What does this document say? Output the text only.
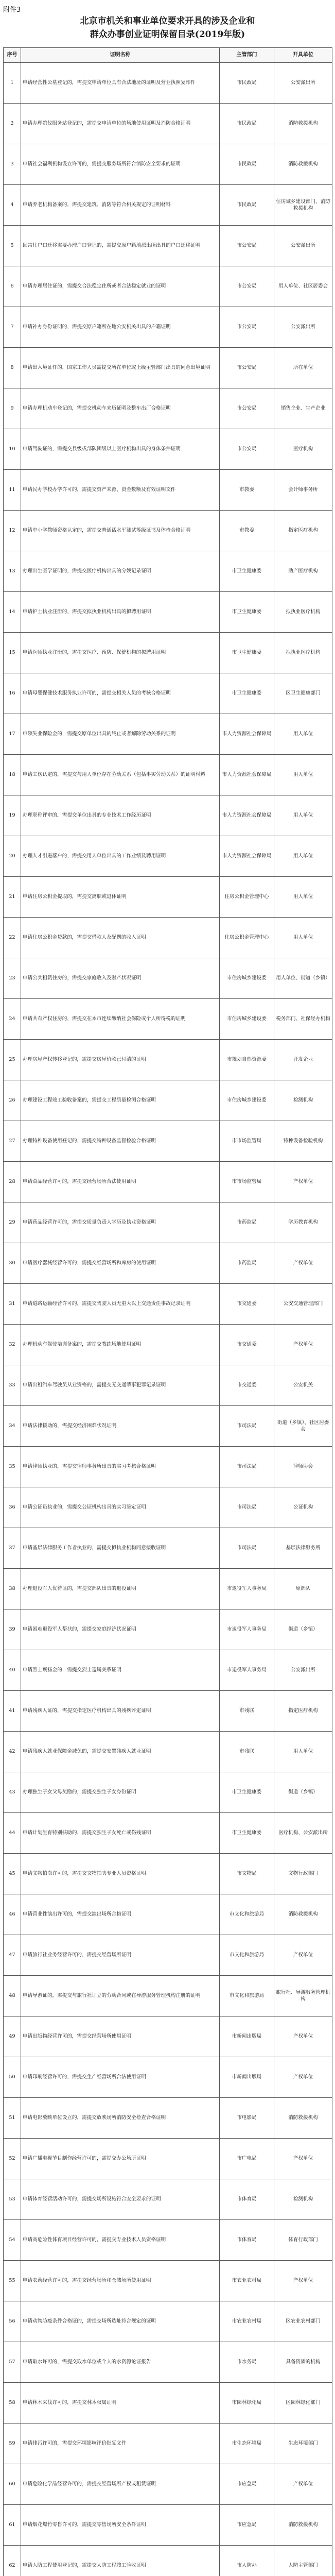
附件3
北京市机关和事业单位要求开具的涉及企业和
群众办事创业证明保留目录(2019年版)
序号	证明名称	主管部门	开具单位
1	申请经营性公墓登记的，需提交申请单位具有合法地址的证明及营业执照复印件	市民政局	公安派出所
2	申请办理殡仪服务站登记的，需提交申请单位的场地使用证明及消防合格证明	市民政局	消防救援机构
3	申请社会福利机构设立许可的，需提交服务场所符合消防安全要求的证明	市民政局	消防救援机构
4	申请养老机构备案的，需提交建筑、消防等符合相关规定的证明材料	市民政局	住房城乡建设部门、消防救援机构
5	因常住户口迁移需要办理户口登记的，需提交原户籍地派出所出具的户口迁移证明	市公安局	公安派出所
6	申请办理居住证的，需提交合法稳定住所或者合法稳定就业的证明	市公安局	用人单位、社区居委会
7	申请补办身份证明的，需提交原户籍所在地公安机关出具的户籍证明	市公安局	公安派出所
8	申请出入境证件的，国家工作人员需提交所在单位或上级主管部门出具的同意出境证明	市公安局	所在单位
9	申请办理机动车登记的，需提交机动车来历证明及整车出厂合格证明	市公安局	销售企业、生产企业
10	申请驾驶证的，需提交县级或部队团级以上医疗机构出具的身体条件证明	市公安局	医疗机构
11	申请民办学校办学许可的，需提交资产来源、资金数额及有效证明文件	市教委	会计师事务所
12	申请中小学教师资格认定的，需提交普通话水平测试等级证书及体检合格证明	市教委	指定医疗机构
13	办理出生医学证明的，需提交医疗机构出具的分娩记录证明	市卫生健康委	助产医疗机构
14	申请护士执业注册的，需提交拟执业机构出具的拟聘用证明	市卫生健康委	拟执业医疗机构
15	申请医师执业注册的，需提交医疗、预防、保健机构的拟聘用证明	市卫生健康委	拟执业医疗机构
16	申请母婴保健技术服务执业许可的，需提交相关人员的考核合格证明	市卫生健康委	区卫生健康部门
17	申领失业保险金的，需提交原单位出具的终止或者解除劳动关系的证明	市人力资源社会保障局	用人单位
18	申请工伤认定的，需提交与用人单位存在劳动关系（包括事实劳动关系）的证明材料	市人力资源社会保障局	用人单位
19	办理职称评审的，需提交单位出具的专业技术工作经历证明	市人力资源社会保障局	用人单位
20	办理人才引进落户的，需提交用人单位出具的工作业绩及聘用证明	市人力资源社会保障局	用人单位
21	申请住房公积金提取的，需提交离职或退休证明	住房公积金管理中心	用人单位
22	申请住房公积金贷款的，需提交借款人及配偶的收入证明	住房公积金管理中心	用人单位
23	申请公共租赁住房的，需提交家庭收入及财产状况证明	市住房城乡建设委	用人单位、街道（乡镇）
24	申请共有产权住房的，需提交在本市连续缴纳社会保险或个人所得税的证明	市住房城乡建设委	税务部门、社保经办机构
25	办理房屋产权转移登记的，需提交房屋价款已付清的证明	市规划自然资源委	开发企业
26	办理建设工程竣工验收备案的，需提交工程质量检测合格证明	市住房城乡建设委	检测机构
27	办理特种设备使用登记的，需提交特种设备监督检验合格证明	市市场监管局	特种设备检验机构
28	申请食品经营许可的，需提交经营场所合法使用证明	市市场监管局	产权单位
29	申请药品经营许可的，需提交质量负责人学历及执业资格证明	市药监局	学历教育机构
30	申请医疗器械经营许可的，需提交经营场所和库房的使用证明	市药监局	产权单位
31	申请道路运输经营许可的，需提交驾驶人员无重大以上交通责任事故记录证明	市交通委	公安交通管理部门
32	办理机动车驾驶培训备案的，需提交教练场地使用证明	市交通委	产权单位
33	申请出租汽车驾驶员从业资格的，需提交无交通肇事犯罪记录证明	市交通委	公安机关
34	申请法律援助的，需提交经济困难状况证明	市司法局	街道（乡镇）、社区居委会
35	申请律师执业的，需提交律师事务所出具的实习考核合格证明	市司法局	律师协会
36	申请公证员执业的，需提交公证机构出具的实习鉴定证明	市司法局	公证机构
37	申请基层法律服务工作者执业的，需提交拟执业机构同意接收证明	市司法局	基层法律服务所
38	办理退役军人优待证的，需提交部队出具的退役证明	市退役军人事务局	原部队
39	申请困难退役军人帮扶的，需提交家庭经济状况证明	市退役军人事务局	街道（乡镇）
40	申请烈士褒扬金的，需提交烈士遗属关系证明	市退役军人事务局	公安派出所
41	申请残疾人证的，需提交指定医疗机构出具的残疾评定证明	市残联	指定医疗机构
42	申请残疾人就业保障金减免的，需提交安置残疾人就业证明	市残联	用人单位
43	办理独生子女父母奖励的，需提交独生子女身份证明	市卫生健康委	街道（乡镇）
44	申请计划生育特别扶助的，需提交独生子女死亡或伤残证明	市卫生健康委	医疗机构、公安派出所
45	申请文物拍卖许可的，需提交文物拍卖专业人员资格证明	市文物局	文物行政部门
46	申请营业性演出许可的，需提交演出场所合格证明	市文化和旅游局	消防救援机构
47	申请旅行社业务经营许可的，需提交经营场所证明	市文化和旅游局	产权单位
48	申请导游证的，需提交与旅行社订立的劳动合同或在导游服务管理机构注册的证明	市文化和旅游局	旅行社、导游服务管理机构
49	申请出版物经营许可的，需提交经营场所使用证明	市新闻出版局	产权单位
50	申请印刷经营许可的，需提交生产经营场所合法使用证明	市新闻出版局	产权单位
51	申请电影放映单位设立的，需提交放映场所消防安全检查合格证明	市电影局	消防救援机构
52	申请广播电视节目制作经营许可的，需提交办公场所证明	市广电局	产权单位
53	申请体育经营活动许可的，需提交场所设施符合安全要求的证明	市体育局	检测机构
54	申请高危险性体育项目经营许可的，需提交专业技术人员资格证明	市体育局	体育行政部门
55	申请农药经营许可的，需提交经营场所和仓储场所使用证明	市农业农村局	产权单位
56	申请动物防疫条件合格证的，需提交场所选址符合规定的证明	市农业农村局	区农业农村部门
57	申请取水许可的，需提交取水单位或个人的水资源论证报告	市水务局	具备资质的机构
58	申请林木采伐许可的，需提交林木权属证明	市园林绿化局	区园林绿化部门
59	申请排污许可的，需提交环境影响评价批复文件	市生态环境局	生态环境部门
60	申请危险化学品经营许可的，需提交经营场所产权或租赁证明	市应急局	产权单位
61	申请烟花爆竹零售许可的，需提交零售场所安全条件证明	市应急局	消防救援机构
62	申请人防工程使用登记的，需提交人防工程竣工验收证明	市人防办	人防主管部门
